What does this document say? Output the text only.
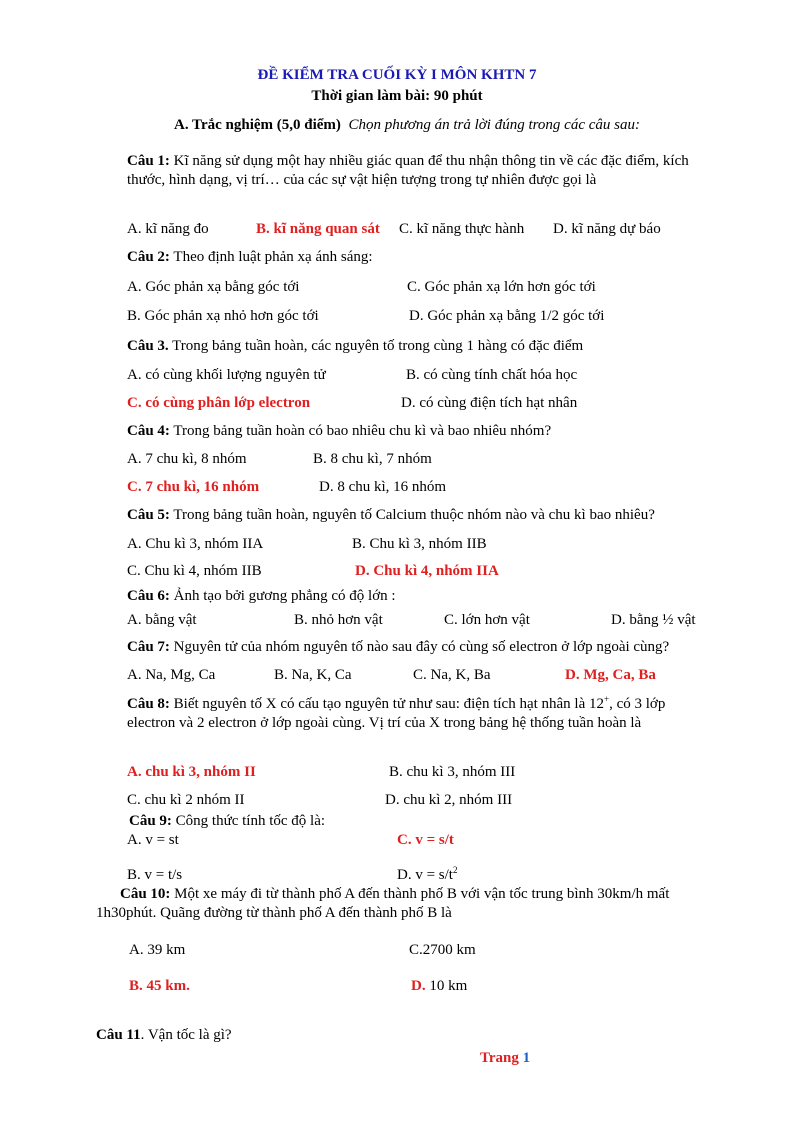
ĐỀ KIỂM TRA CUỐI KỲ I MÔN KHTN 7
Thời gian làm bài: 90 phút
A. Trắc nghiệm (5,0 điểm) Chọn phương án trả lời đúng trong các câu sau:
Câu 1: Kĩ năng sử dụng một hay nhiều giác quan để thu nhận thông tin về các đặc điểm, kích thước, hình dạng, vị trí… của các sự vật hiện tượng trong tự nhiên được gọi là
A. kĩ năng đo	B. kĩ năng quan sát C. kĩ năng thực hành D. kĩ năng dự báo
Câu 2: Theo định luật phản xạ ánh sáng:
A. Góc phản xạ bằng góc tới	C. Góc phản xạ lớn hơn góc tới
B. Góc phản xạ nhỏ hơn góc tới	D. Góc phản xạ bằng 1/2 góc tới
Câu 3. Trong bảng tuần hoàn, các nguyên tố trong cùng 1 hàng có đặc điểm
A. có cùng khối lượng nguyên tử	B. có cùng tính chất hóa học
C. có cùng phân lớp electron	D. có cùng điện tích hạt nhân
Câu 4: Trong bảng tuần hoàn có bao nhiêu chu kì và bao nhiêu nhóm?
A. 7 chu kì, 8 nhóm	B. 8 chu kì, 7 nhóm
C. 7 chu kì, 16 nhóm	D. 8 chu kì, 16 nhóm
Câu 5: Trong bảng tuần hoàn, nguyên tố Calcium thuộc nhóm nào và chu kì bao nhiêu?
A. Chu kì 3, nhóm IIA	B. Chu kì 3, nhóm IIB
C. Chu kì 4, nhóm IIB	D. Chu kì 4, nhóm IIA
Câu 6: Ảnh tạo bởi gương phẳng có độ lớn :
A. bằng vật	B. nhỏ hơn vật	C. lớn hơn vật	D. bằng ½ vật
Câu 7: Nguyên tử của nhóm nguyên tố nào sau đây có cùng số electron ở lớp ngoài cùng?
A. Na, Mg, Ca	B. Na, K, Ca	C. Na, K, Ba	D. Mg, Ca, Ba
Câu 8: Biết nguyên tố X có cấu tạo nguyên tử như sau: điện tích hạt nhân là 12+, có 3 lớp electron và 2 electron ở lớp ngoài cùng. Vị trí của X trong bảng hệ thống tuần hoàn là
A. chu kì 3, nhóm II	B. chu kì 3, nhóm III
C. chu kì 2 nhóm II	D. chu kì 2, nhóm III
Câu 9: Công thức tính tốc độ là:
A. v = st	C. v = s/t
B. v = t/s	D. $v = s/t^2$
Câu 10: Một xe máy đi từ thành phố A đến thành phố B với vận tốc trung bình 30km/h mất 1h30phút. Quãng đường từ thành phố A đến thành phố B là
A. 39 km	C.2700 km
B. 45 km.	D. 10 km
Câu 11. Vận tốc là gì?
Trang 1
